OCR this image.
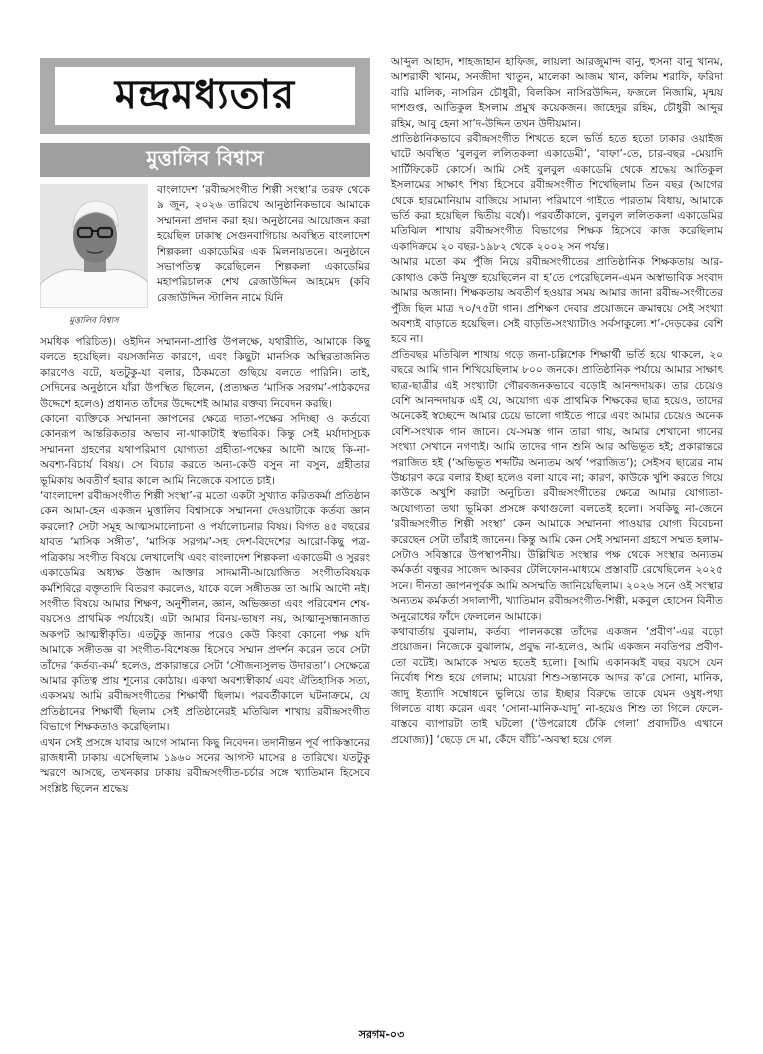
মন্দ্রমধ্যতার
মুত্তালিব বিশ্বাস
মুত্তালিব বিশ্বাস

বাংলাদেশ ‘রবীন্দ্রসংগীত শিল্পী সংস্থা’র তরফ থেকে ৯ জুন, ২০২৬ তারিখে আনুষ্ঠানিকভাবে আমাকে সম্মাননা প্রদান করা হয়। অনুষ্ঠানের আয়োজন করা হয়েছিল ঢাকাস্থ সেগুনবাগিচায় অবস্থিত বাংলাদেশ শিল্পকলা একাডেমির এক মিলনায়তনে। অনুষ্ঠানে সভাপতিত্ব করেছিলেন শিল্পকলা একাডেমির মহাপরিচালক শেখ রেজাউদ্দিন আহমেদ (কবি রেজাউদ্দিন স্টালিন নামে যিনি

সমধিক পরিচিত)। ওইদিন সম্মাননা-প্রাপ্তি উপলক্ষে, যথারীতি, আমাকে কিছু বলতে হয়েছিল। বয়সজনিত কারণে, এবং কিছুটা মানসিক অস্থিরতাজনিত কারণেও বটে, যতটুকু-যা বলার, ঠিকমতো গুছিয়ে বলতে পারিনি। তাই, সেদিনের অনুষ্ঠানে যাঁরা উপস্থিত ছিলেন, (প্রত্যক্ষত ‘মাসিক সরগম’-পাঠকদের উদ্দেশে হলেও) প্রধানত তাঁদের উদ্দেশেই আমার বক্তব্য নিবেদন করছি।

কোনো ব্যক্তিকে সম্মাননা জ্ঞাপনের ক্ষেত্রে দাতা-পক্ষের সদিচ্ছা ও কর্তব্যে কোনরূপ আন্তরিকতার অভাব না-থাকাটাই স্বভাবিক। কিন্তু সেই মর্যাদাসূচক সম্মাননা গ্রহণের যথাপরিমাণ যোগ্যতা গ্রহীতা-পক্ষের আদৌ আছে কি-না-অবশ্য-বিচার্য বিষয়। সে বিচার করতে অন্য-কেউ বসুন না বসুন, গ্রহীতার ভূমিকায় অবতীর্ণ হবার কালে আমি নিজেকে বসাতে চাই।

‘বাংলাদেশ রবীন্দ্রসংগীত শিল্পী সংস্থা’-র মতো একটা সুখ্যাত করিতকর্মা প্রতিষ্ঠান কেন আমা-হেন একজন মুত্তালিব বিশ্বাসকে সম্মাননা দেওয়াটাকে কর্তব্য জ্ঞান করলো? সেটা সমূহ আত্মসমালোচনা ও পর্যালোচনার বিষয়। বিগত ৪৫ বছরের যাবত ‘মাসিক সঙ্গীত’, ‘মাসিক সরগম’-সহ দেশ-বিদেশের আরো-কিছু পত্র-পত্রিকায় সংগীত বিষয়ে লেখালেখি এবং বাংলাদেশ শিল্পকলা একাডেমী ও সুররং একাডেমির অধ্যক্ষ উস্তাদ আক্তার সাদমানী-আয়োজিত সংগীতবিষয়ক কর্মশিবিরে বক্তৃতাদি বিতরণ করলেও, যাকে বলে সঙ্গীতজ্ঞ তা আমি আদৌ নই। সংগীত বিষয়ে আমার শিক্ষণ, অনুশীলন, জ্ঞান, অভিজ্ঞতা এবং পরিবেশন শেষ-বয়সেও প্রাথমিক পর্যায়েই। এটা আমার বিনয়-ভাষণ নয়, আত্মানুসন্ধানজাত অকপট আত্মস্বীকৃতি। এতটুকু জানার পরেও কেউ কিংবা কোনো পক্ষ যদি আমাকে সঙ্গীতজ্ঞ বা সংগীত-বিশেষজ্ঞ হিসেবে সম্মান প্রদর্শন করেন তবে সেটা তাঁদের ‘কর্তব্য-কর্ম’ হলেও, প্রকারান্তরে সেটা ‘সৌজন্যসুলভ উদারতা’। সেক্ষেত্রে আমার কৃতিত্ব প্রায় শূন্যের কোঠায়। একথা অবশ্যস্বীকার্য এবং ঐতিহাসিক সত্য, একসময় আমি রবীন্দ্রসংগীতের শিক্ষার্থী ছিলাম। পরবর্তীকালে ঘটনাক্রমে, যে প্রতিষ্ঠানের শিক্ষার্থী ছিলাম সেই প্রতিষ্ঠানেরই মতিঝিল শাখায় রবীন্দ্রসংগীত বিভাগে শিক্ষকতাও করেছিলাম।

এখন সেই প্রসঙ্গে যাবার আগে সামান্য কিছু নিবেদন। তদানীন্তন পূর্ব পাকিস্তানের রাজধানী ঢাকায় এসেছিলাম ১৯৬০ সনের আগস্ট মাসের ৪ তারিখে। যতটুকু স্মরণে আসছে, তখনকার ঢাকায় রবীন্দ্রসংগীত-চর্চার সঙ্গে খ্যাতিমান হিসেবে সংশ্লিষ্ট ছিলেন শ্রদ্ধেয়

আব্দুল আহাদ, শাহজাহান হাফিজ, লায়লা আরজুমান্দ বানু, হুসনা বানু খানম, আশরাফী খানম, সনজীদা খাতুন, মালেকা আজম খান, কলিম শরাফি, ফরিদা বারি মালিক, নাসরিন চৌধুরী, বিলকিস নাসিরউদ্দিন, ফজলে নিজামি, মৃন্ময় দাশগুপ্ত, আতিকুল ইসলাম প্রমুখ কয়েকজন। জাহেদুর রহিম, চৌধুরী আব্দুর রহিম, আবু হেনা সা’দ-উদ্দিন তখন উদীয়মান।

প্রাতিষ্ঠানিকভাবে রবীন্দ্রসংগীত শিখতে হলে ভর্তি হতে হতো ঢাকার ওয়াইজ ঘাটে অবস্থিত ‘বুলবুল ললিতকলা একাডেমী’, ‘বাফা’-তে, চার-বছর -মেয়াদি সার্টিফিকেট কোর্সে। আমি সেই বুলবুল একাডেমি থেকে শ্রদ্ধেয় আতিকুল ইসলামের সাক্ষাৎ শিষ্য হিসেবে রবীন্দ্রসংগীত শিখেছিলাম তিন বছর (আগের থেকে হারমোনিয়াম বাজিয়ে সামান্য পরিমাণে গাইতে পারতাম বিধায়, আমাকে ভর্তি করা হয়েছিল দ্বিতীয় বর্ষে)। পরবর্তীকালে, বুলবুল ললিতকলা একাডেমির মতিঝিল শাখায় রবীন্দ্রসংগীত বিভাগের শিক্ষক হিসেবে কাজ করেছিলাম একাদিক্রমে ২০ বছর-১৯৮২ থেকে ২০০২ সন পর্যন্ত।

আমার মতো কম পুঁজি নিয়ে রবীন্দ্রসংগীতের প্রাতিষ্ঠানিক শিক্ষকতায় আর-কোথাও কেউ নিযুক্ত হয়েছিলেন বা হ’তে পেরেছিলেন-এমন অস্বাভাবিক সংবাদ আমার অজানা। শিক্ষকতায় অবতীর্ণ হওয়ার সময় আমার জানা রবীন্দ্র-সংগীতের পুঁজি ছিল মাত্র ৭০/৭৫টা গান। প্রশিক্ষণ দেবার প্রয়োজনে ক্রমান্বয়ে সেই সংখ্যা অবশ্যই বাড়াতে হয়েছিল। সেই বাড়তি-সংখ্যাটাও সর্বসাকুল্যে শ’-দেড়কের বেশি হবে না।

প্রতিবছর মতিঝিল শাখায় গড়ে জনা-চল্লিশেক শিক্ষার্থী ভর্তি হয়ে থাকলে, ২০ বছরে আমি গান শিখিয়েছিলাম ৮০০ জনকে। প্রাতিষ্ঠানিক পর্যায়ে আমার সাক্ষাৎ ছাত্র-ছাত্রীর এই সংখ্যাটা গৌরবজনকভাবে বড়োই আনন্দদায়ক। তার চেয়েও বেশি আনন্দদায়ক এই যে, অযোগ্য এক প্রাথমিক শিক্ষকের ছাত্র হয়েও, তাদের অনেকেই স্বচ্ছেন্দে আমার চেয়ে ভালো গাইতে পারে এবং আমার চেয়েও অনেক বেশি-সংখ্যক গান জানে। যে-সমস্ত গান তারা গায়, আমার শেখানো গানের সংখ্যা সেখানে নগণ্যই। আমি তাদের গান শুনি আর অভিভূত হই; প্রকারান্তরে পরাজিত হই (‘অভিভূত শব্দটির অন্যতম অর্থ ‘পরাজিত’); সেইসব ছাত্রের নাম উচ্চারণ করে বলার ইচ্ছা হলেও বলা যাবে না; কারণ, কাউকে খুশি করতে গিয়ে কাউকে অখুশি করাটা অনুচিত। রবীন্দ্রসংগীতের ক্ষেত্রে আমার যোগ্যতা-অযোগ্যতা তথা ভূমিকা প্রসঙ্গে কথাগুলো বলতেই হলো। সবকিছু না-জেনে ‘রবীন্দ্রসংগীত শিল্পী সংস্থা’ কেন আমাকে সম্মাননা পাওয়ার যোগ্য বিবেচনা করেছেন সেটা তাঁরাই জানেন। কিন্তু আমি কেন সেই সম্মাননা গ্রহণে সম্মত হলাম-সেটাও সবিস্তারে উপস্থাপনীয়। উল্লিখিত সংস্থার পক্ষ থেকে সংস্থার অন্যতম কর্মকর্তা বন্ধুবর সাজেদ আকবর টেলিফোন-মাধ্যমে প্রস্তাবটি রেখেছিলেন ২০২৫ সনে। দীনতা জ্ঞাপনপূর্বক আমি অসম্মতি জানিয়েছিলাম। ২০২৬ সনে ওই সংস্থার অন্যতম কর্মকর্তা সদালাপী, খ্যাতিমান রবীন্দ্রসংগীত-শিল্পী, মকবুল হোসেন বিনীত অনুরোধের ফাঁদে ফেললেন আমাকে।

কথাবার্তায় বুঝলাম, কর্তব্য পালনকল্পে তাঁদের একজন ‘প্রবীণ’-এর বড়ো প্রয়োজন। নিজেকে বুঝালাম, প্রবুদ্ধ না-হলেও, আমি একজন নবতিপর প্রবীণ-তো বটেই। আমাকে সম্মত হতেই হলো। [আমি একানব্বই বছর বয়সে যেন নির্বোধ শিশু হয়ে গেলাম; মায়েরা শিশু-সন্তানকে আদর ক’রে সোনা, মানিক, জাদু ইত্যাদি সম্বোধনে ভুলিয়ে তার ইচ্ছার বিরুদ্ধে তাকে যেমন ওষুধ-পথ্য গিলতে বাধ্য করেন এবং ‘সোনা-মানিক-যাদু’ না-হয়েও শিশু তা গিলে ফেলে-বাস্তবে ব্যাপারটা তাই ঘটলো (‘উপরোধে ঢেঁকি গেলা’ প্রবাদটিও এখানে প্রযোজ্য)] ‘ছেড়ে দে মা, কেঁদে বাঁচি’-অবস্থা হয়ে গেল

সরগম-০৩
